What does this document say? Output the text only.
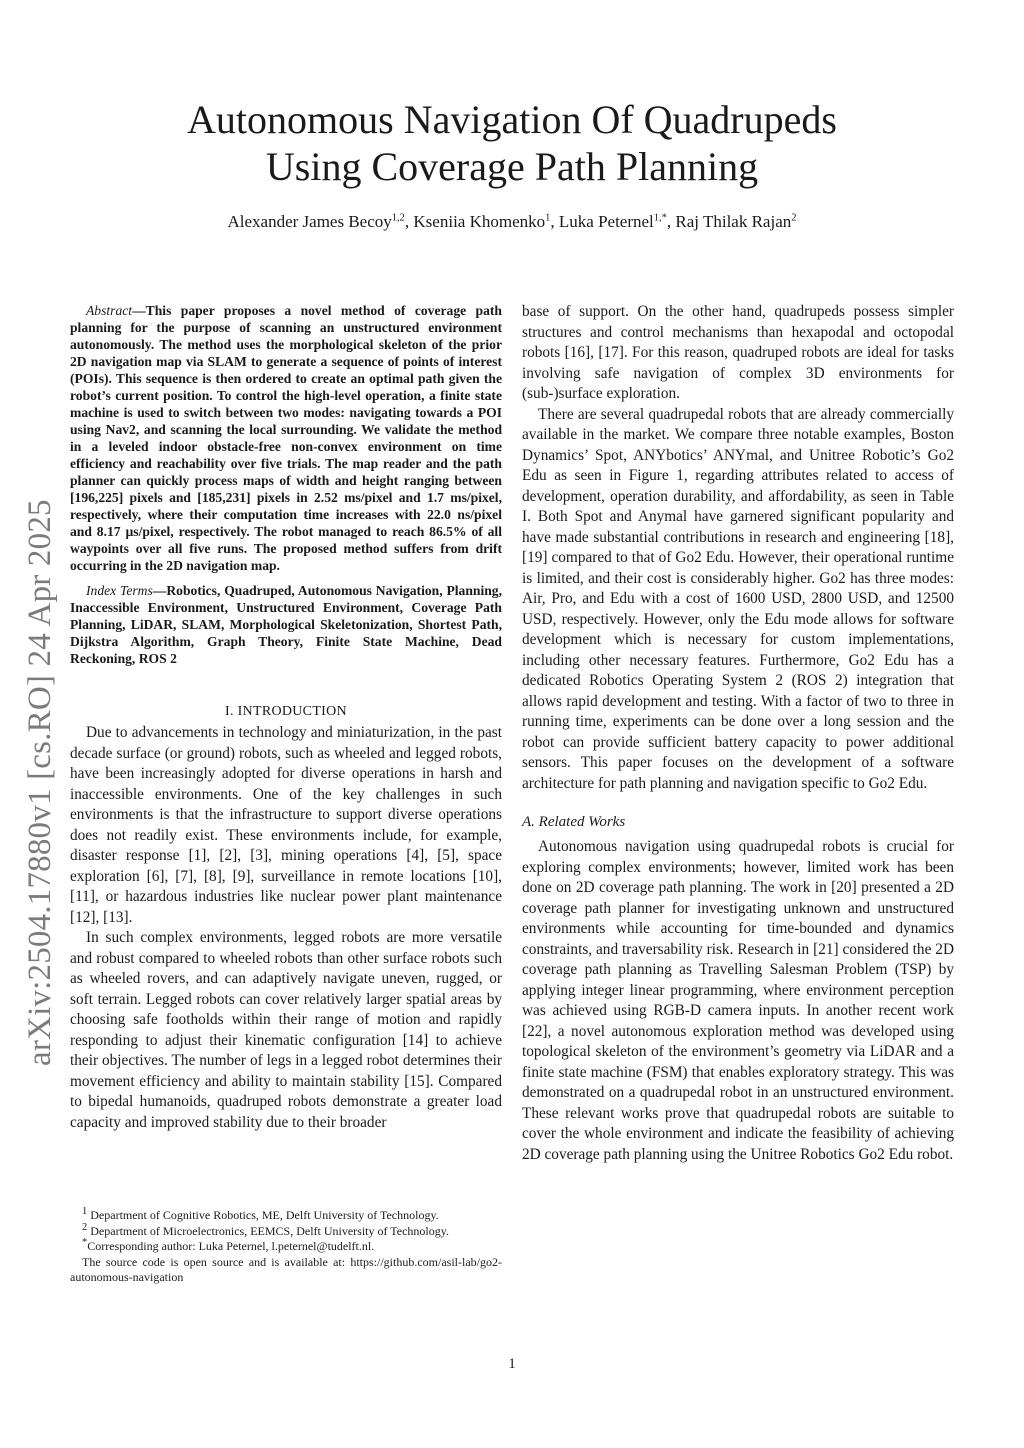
arXiv:2504.17880v1 [cs.RO] 24 Apr 2025
Autonomous Navigation Of Quadrupeds
Using Coverage Path Planning
Alexander James Becoy$^{1,2}$, Kseniia Khomenko$^1$, Luka Peternel$^{1,*}$, Raj Thilak Rajan$^2$

Abstract—This paper proposes a novel method of coverage path planning for the purpose of scanning an unstructured environment autonomously. The method uses the morphological skeleton of the prior 2D navigation map via SLAM to generate a sequence of points of interest (POIs). This sequence is then ordered to create an optimal path given the robot’s current position. To control the high-level operation, a finite state machine is used to switch between two modes: navigating towards a POI using Nav2, and scanning the local surrounding. We validate the method in a leveled indoor obstacle-free non-convex environment on time efficiency and reachability over five trials. The map reader and the path planner can quickly process maps of width and height ranging between [196,225] pixels and [185,231] pixels in 2.52 ms/pixel and 1.7 ms/pixel, respectively, where their computation time increases with 22.0 ns/pixel and 8.17 µs/pixel, respectively. The robot managed to reach 86.5% of all waypoints over all five runs. The proposed method suffers from drift occurring in the 2D navigation map.

Index Terms—Robotics, Quadruped, Autonomous Navigation, Planning, Inaccessible Environment, Unstructured Environment, Coverage Path Planning, LiDAR, SLAM, Morphological Skeletonization, Shortest Path, Dijkstra Algorithm, Graph Theory, Finite State Machine, Dead Reckoning, ROS 2

I. INTRODUCTION

Due to advancements in technology and miniaturization, in the past decade surface (or ground) robots, such as wheeled and legged robots, have been increasingly adopted for diverse operations in harsh and inaccessible environments. One of the key challenges in such environments is that the infrastructure to support diverse operations does not readily exist. These environments include, for example, disaster response [1], [2], [3], mining operations [4], [5], space exploration [6], [7], [8], [9], surveillance in remote locations [10], [11], or hazardous industries like nuclear power plant maintenance [12], [13].

In such complex environments, legged robots are more versatile and robust compared to wheeled robots than other surface robots such as wheeled rovers, and can adaptively navigate uneven, rugged, or soft terrain. Legged robots can cover relatively larger spatial areas by choosing safe footholds within their range of motion and rapidly responding to adjust their kinematic configuration [14] to achieve their objectives. The number of legs in a legged robot determines their movement efficiency and ability to maintain stability [15]. Compared to bipedal humanoids, quadruped robots demonstrate a greater load capacity and improved stability due to their broader

$^1$ Department of Cognitive Robotics, ME, Delft University of Technology.

$^2$ Department of Microelectronics, EEMCS, Delft University of Technology.

*Corresponding author: Luka Peternel, l.peternel@tudelft.nl.

The source code is open source and is available at: https://github.com/asil-lab/go2-autonomous-navigation

base of support. On the other hand, quadrupeds possess simpler structures and control mechanisms than hexapodal and octopodal robots [16], [17]. For this reason, quadruped robots are ideal for tasks involving safe navigation of complex 3D environments for (sub-)surface exploration.

There are several quadrupedal robots that are already commercially available in the market. We compare three notable examples, Boston Dynamics’ Spot, ANYbotics’ ANYmal, and Unitree Robotic’s Go2 Edu as seen in Figure 1, regarding attributes related to access of development, operation durability, and affordability, as seen in Table I. Both Spot and Anymal have garnered significant popularity and have made substantial contributions in research and engineering [18], [19] compared to that of Go2 Edu. However, their operational runtime is limited, and their cost is considerably higher. Go2 has three modes: Air, Pro, and Edu with a cost of 1600 USD, 2800 USD, and 12500 USD, respectively. However, only the Edu mode allows for software development which is necessary for custom implementations, including other necessary features. Furthermore, Go2 Edu has a dedicated Robotics Operating System 2 (ROS 2) integration that allows rapid development and testing. With a factor of two to three in running time, experiments can be done over a long session and the robot can provide sufficient battery capacity to power additional sensors. This paper focuses on the development of a software architecture for path planning and navigation specific to Go2 Edu.

A. Related Works

Autonomous navigation using quadrupedal robots is crucial for exploring complex environments; however, limited work has been done on 2D coverage path planning. The work in [20] presented a 2D coverage path planner for investigating unknown and unstructured environments while accounting for time-bounded and dynamics constraints, and traversability risk. Research in [21] considered the 2D coverage path planning as Travelling Salesman Problem (TSP) by applying integer linear programming, where environment perception was achieved using RGB-D camera inputs. In another recent work [22], a novel autonomous exploration method was developed using topological skeleton of the environment’s geometry via LiDAR and a finite state machine (FSM) that enables exploratory strategy. This was demonstrated on a quadrupedal robot in an unstructured environment. These relevant works prove that quadrupedal robots are suitable to cover the whole environment and indicate the feasibility of achieving 2D coverage path planning using the Unitree Robotics Go2 Edu robot.

1
